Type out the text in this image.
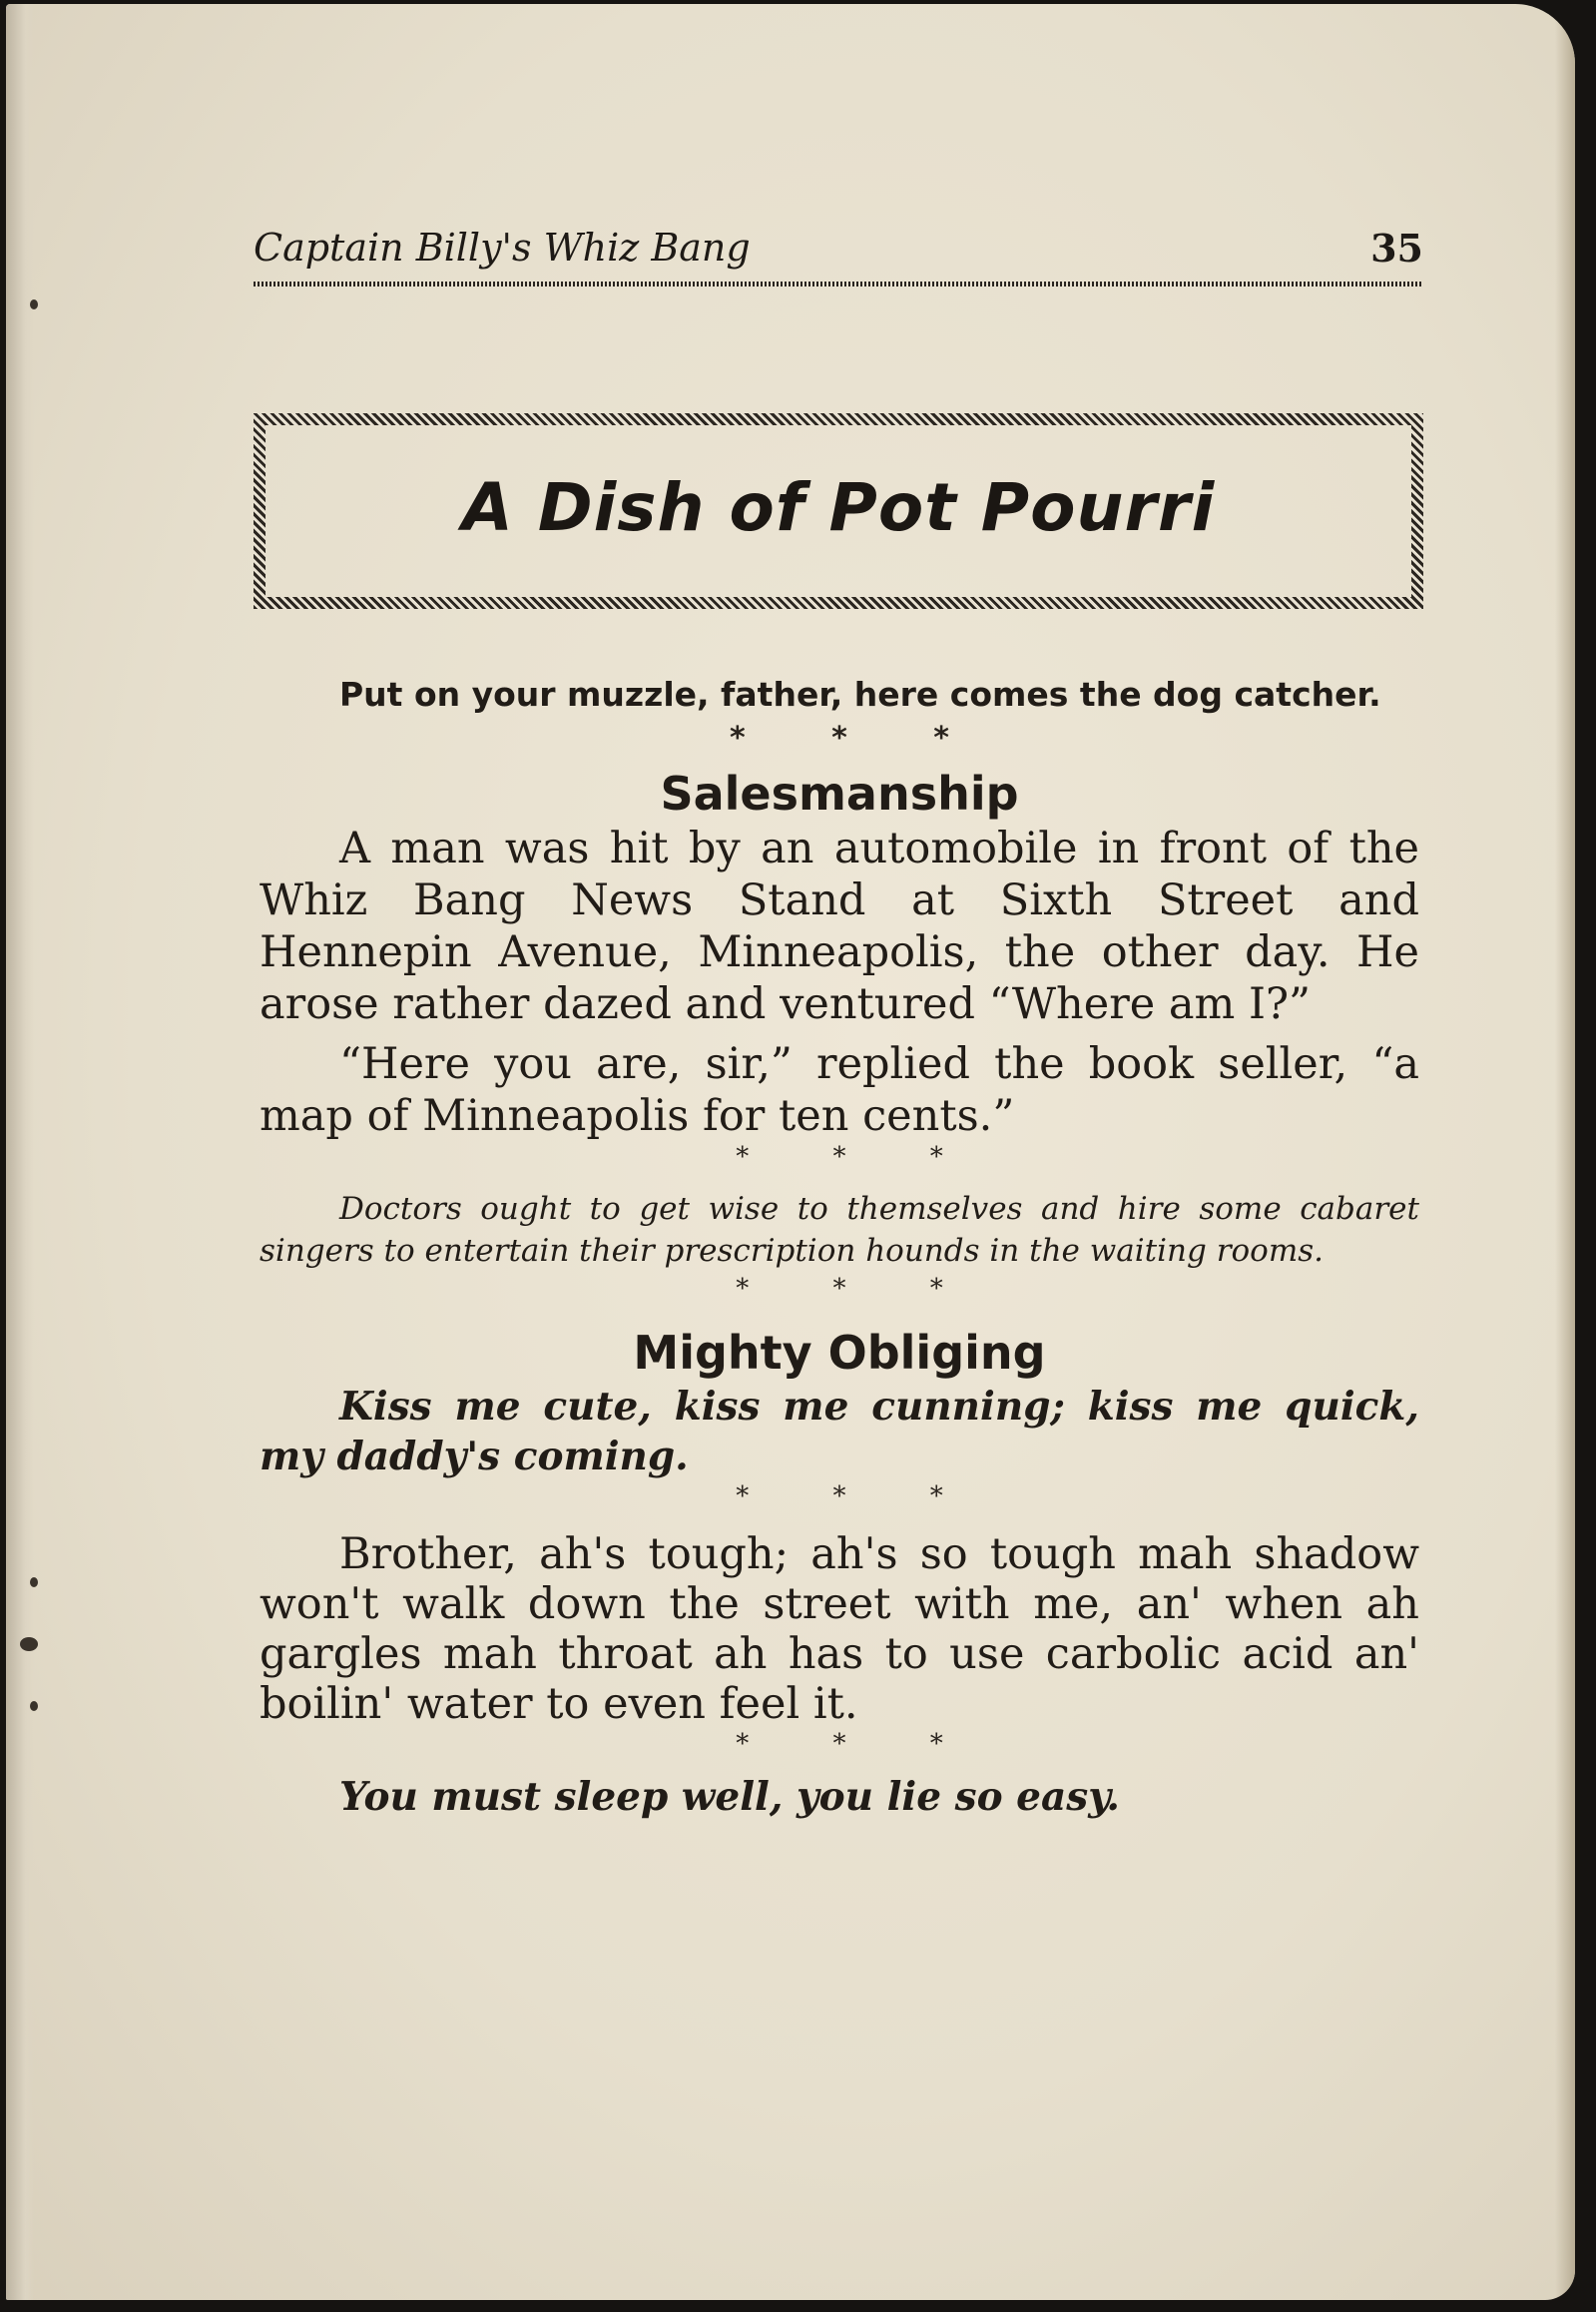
Captain Billy's Whiz Bang	35
A Dish of Pot Pourri

Put on your muzzle, father, here comes the dog catcher.

* * *
Salesmanship

A man was hit by an automobile in front of the Whiz Bang News Stand at Sixth Street and Hennepin Avenue, Minneapolis, the other day. He arose rather dazed and ventured “Where am I?”

“Here you are, sir,” replied the book seller, “a map of Minneapolis for ten cents.”

* * *

Doctors ought to get wise to themselves and hire some cabaret singers to entertain their prescription hounds in the waiting rooms.

* * *
Mighty Obliging

Kiss me cute, kiss me cunning; kiss me quick, my daddy's coming.

* * *

Brother, ah's tough; ah's so tough mah shadow won't walk down the street with me, an' when ah gargles mah throat ah has to use carbolic acid an' boilin' water to even feel it.

* * *

You must sleep well, you lie so easy.
